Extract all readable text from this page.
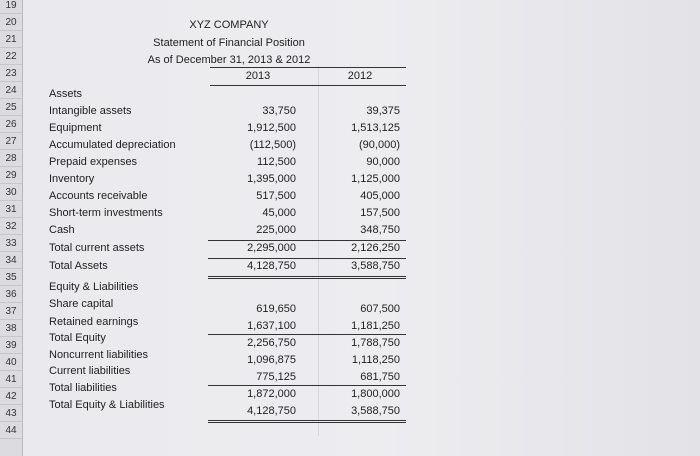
19
20
21
22
23
24
25
26
27
28
29
30
31
32
33
34
35
36
37
38
39
40
41
42
43
44
XYZ COMPANY
Statement of Financial Position
As of December 31, 2013 & 2012
2013	2012
Assets
Intangible assets	33,750	39,375
Equipment	1,912,500	1,513,125
Accumulated depreciation	(112,500)	(90,000)
Prepaid expenses	112,500	90,000
Inventory	1,395,000	1,125,000
Accounts receivable	517,500	405,000
Short-term investments	45,000	157,500
Cash	225,000	348,750
Total current assets	2,295,000	2,126,250
Total Assets	4,128,750	3,588,750
Equity & Liabilities
Share capital	619,650	607,500
Retained earnings	1,637,100	1,181,250
Total Equity	2,256,750	1,788,750
Noncurrent liabilities	1,096,875	1,118,250
Current liabilities	775,125	681,750
Total liabilities	1,872,000	1,800,000
Total Equity & Liabilities	4,128,750	3,588,750
